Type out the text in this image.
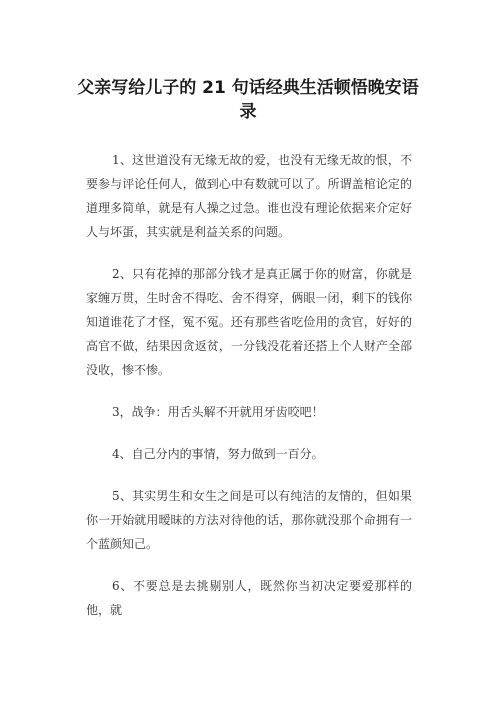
父亲写给儿子的 21 句话经典生活顿悟晚安语录

1、这世道没有无缘无故的爱，也没有无缘无故的恨，不要参与评论任何人，做到心中有数就可以了。所谓盖棺论定的道理多简单，就是有人操之过急。谁也没有理论依据来介定好人与坏蛋，其实就是利益关系的问题。

2、只有花掉的那部分钱才是真正属于你的财富，你就是家缠万贯，生时舍不得吃、舍不得穿，俩眼一闭，剩下的钱你知道谁花了才怪，冤不冤。还有那些省吃俭用的贪官，好好的高官不做，结果因贪返贫，一分钱没花着还搭上个人财产全部没收，惨不惨。

3，战争：用舌头解不开就用牙齿咬吧！

4、自己分内的事情，努力做到一百分。

5、其实男生和女生之间是可以有纯洁的友情的，但如果你一开始就用暧昧的方法对待他的话，那你就没那个命拥有一个蓝颜知己。

6、不要总是去挑剔别人，既然你当初决定要爱那样的他，就
